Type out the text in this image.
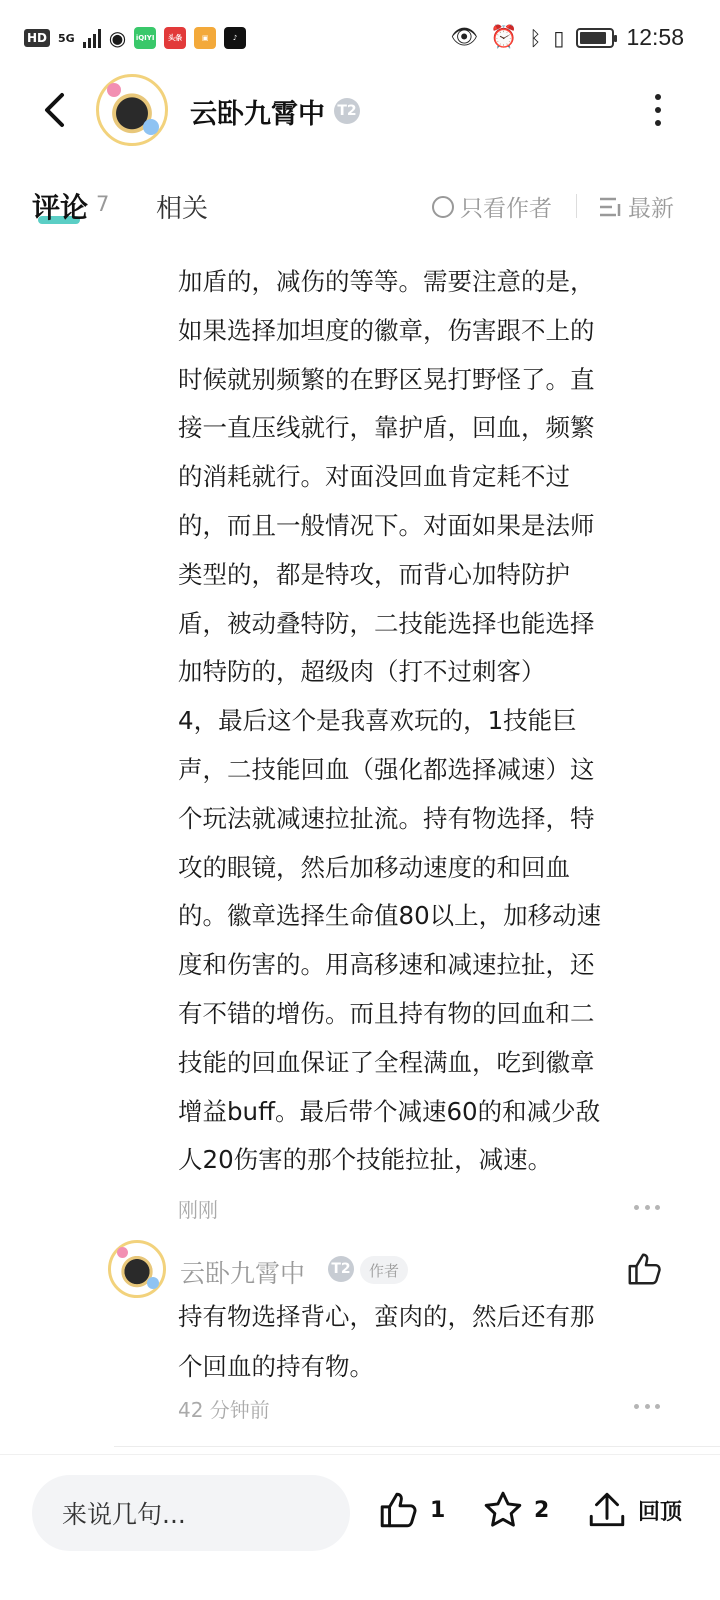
HD 5G ◉ iQIYI	头条	▣	♪	👁 ⏰ ᛒ ▯	12:58
云卧九霄中 T2
评论 7 相关	只看作者	最新

加盾的，减伤的等等。需要注意的是，

如果选择加坦度的徽章，伤害跟不上的

时候就别频繁的在野区晃打野怪了。直

接一直压线就行，靠护盾，回血，频繁

的消耗就行。对面没回血肯定耗不过

的，而且一般情况下。对面如果是法师

类型的，都是特攻，而背心加特防护

盾，被动叠特防，二技能选择也能选择

加特防的，超级肉（打不过刺客）

4，最后这个是我喜欢玩的，1技能巨

声，二技能回血（强化都选择减速）这

个玩法就减速拉扯流。持有物选择，特

攻的眼镜，然后加移动速度的和回血

的。徽章选择生命值80以上，加移动速

度和伤害的。用高移速和减速拉扯，还

有不错的增伤。而且持有物的回血和二

技能的回血保证了全程满血，吃到徽章

增益buff。最后带个减速60的和减少敌

人20伤害的那个技能拉扯，减速。

刚刚
云卧九霄中 T2	作者

持有物选择背心，蛮肉的，然后还有那

个回血的持有物。

42 分钟前
来说几句...	1	2	回顶
